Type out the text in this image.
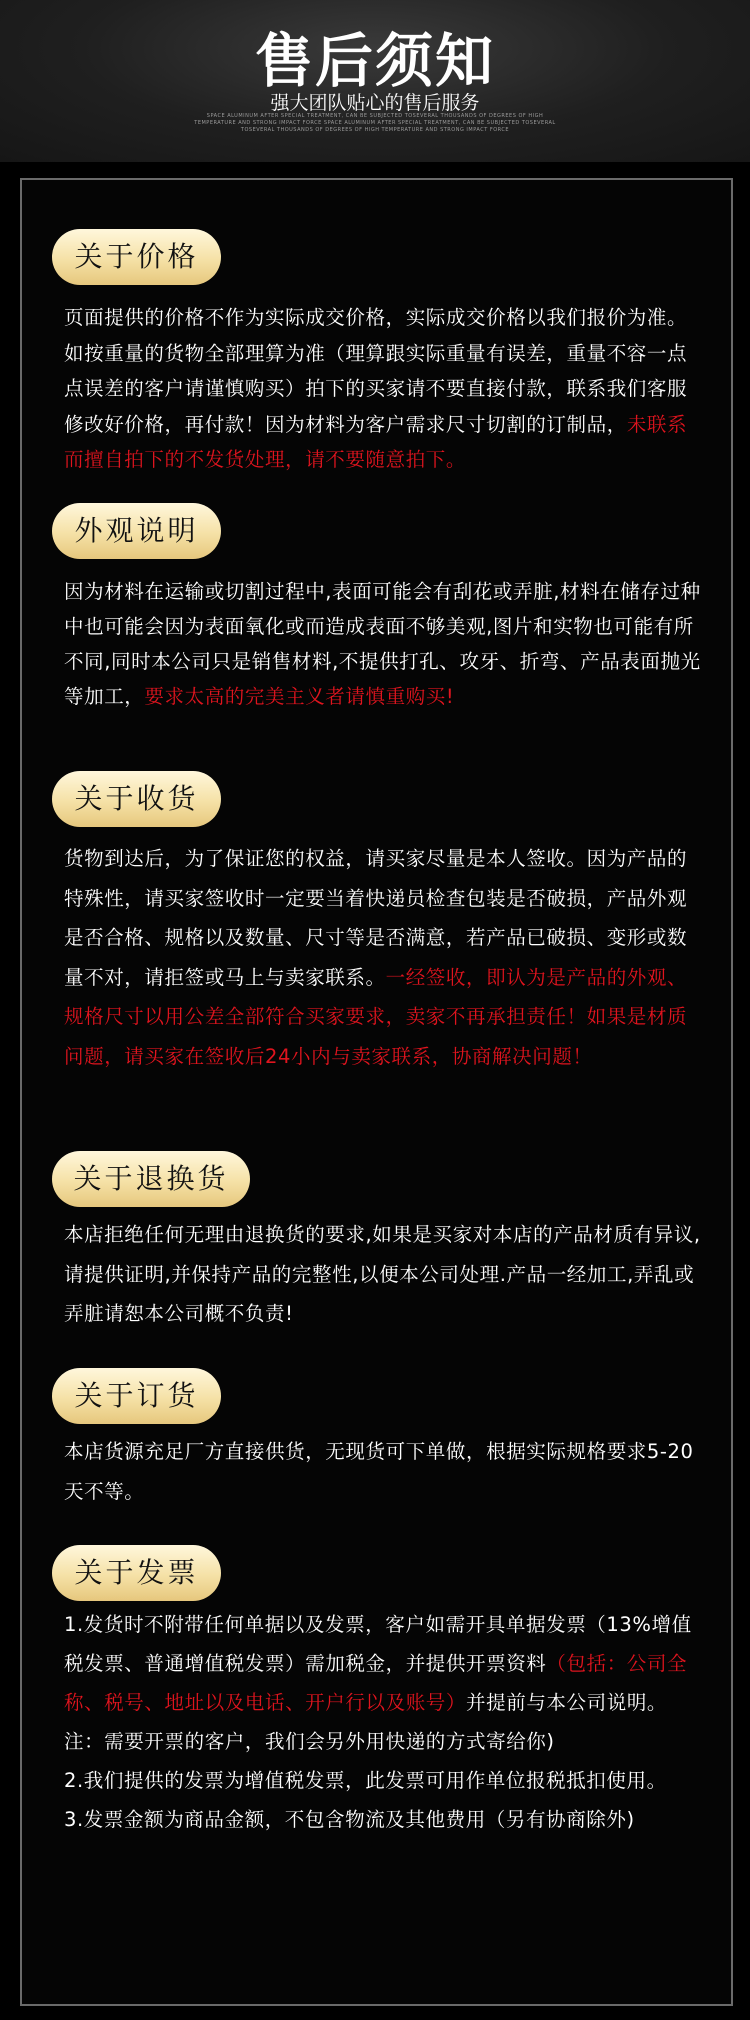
售后须知
强大团队贴心的售后服务
SPACE ALUMINUM AFTER SPECIAL TREATMENT, CAN BE SUBJECTED TOSEVERAL THOUSANDS OF DEGREES OF HIGH
TEMPERATURE AND STRONG IMPACT FORCE SPACE ALUMINUM AFTER SPECIAL TREATMENT, CAN BE SUBJECTED TOSEVERAL
TOSEVERAL THOUSANDS OF DEGREES OF HIGH TEMPERATURE AND STRONG IMPACT FORCE
关于价格
页面提供的价格不作为实际成交价格，实际成交价格以我们报价为准。如按重量的货物全部理算为准（理算跟实际重量有误差，重量不容一点点误差的客户请谨慎购买）拍下的买家请不要直接付款，联系我们客服修改好价格，再付款！因为材料为客户需求尺寸切割的订制品，未联系而擅自拍下的不发货处理，请不要随意拍下。
外观说明
因为材料在运输或切割过程中,表面可能会有刮花或弄脏,材料在储存过种中也可能会因为表面氧化或而造成表面不够美观,图片和实物也可能有所不同,同时本公司只是销售材料,不提供打孔、攻牙、折弯、产品表面抛光等加工，要求太高的完美主义者请慎重购买!
关于收货
货物到达后，为了保证您的权益，请买家尽量是本人签收。因为产品的特殊性，请买家签收时一定要当着快递员检查包装是否破损，产品外观是否合格、规格以及数量、尺寸等是否满意，若产品已破损、变形或数量不对，请拒签或马上与卖家联系。一经签收，即认为是产品的外观、规格尺寸以用公差全部符合买家要求，卖家不再承担责任！如果是材质问题，请买家在签收后24小内与卖家联系，协商解决问题！
关于退换货
本店拒绝任何无理由退换货的要求,如果是买家对本店的产品材质有异议,请提供证明,并保持产品的完整性,以便本公司处理.产品一经加工,弄乱或弄脏请恕本公司概不负责!
关于订货
本店货源充足厂方直接供货，无现货可下单做，根据实际规格要求5-20天不等。
关于发票
1.发货时不附带任何单据以及发票，客户如需开具单据发票（13%增值税发票、普通增值税发票）需加税金，并提供开票资料（包括：公司全称、税号、地址以及电话、开户行以及账号）并提前与本公司说明。注：需要开票的客户，我们会另外用快递的方式寄给你)
2.我们提供的发票为增值税发票，此发票可用作单位报税抵扣使用。
3.发票金额为商品金额，不包含物流及其他费用（另有协商除外)
